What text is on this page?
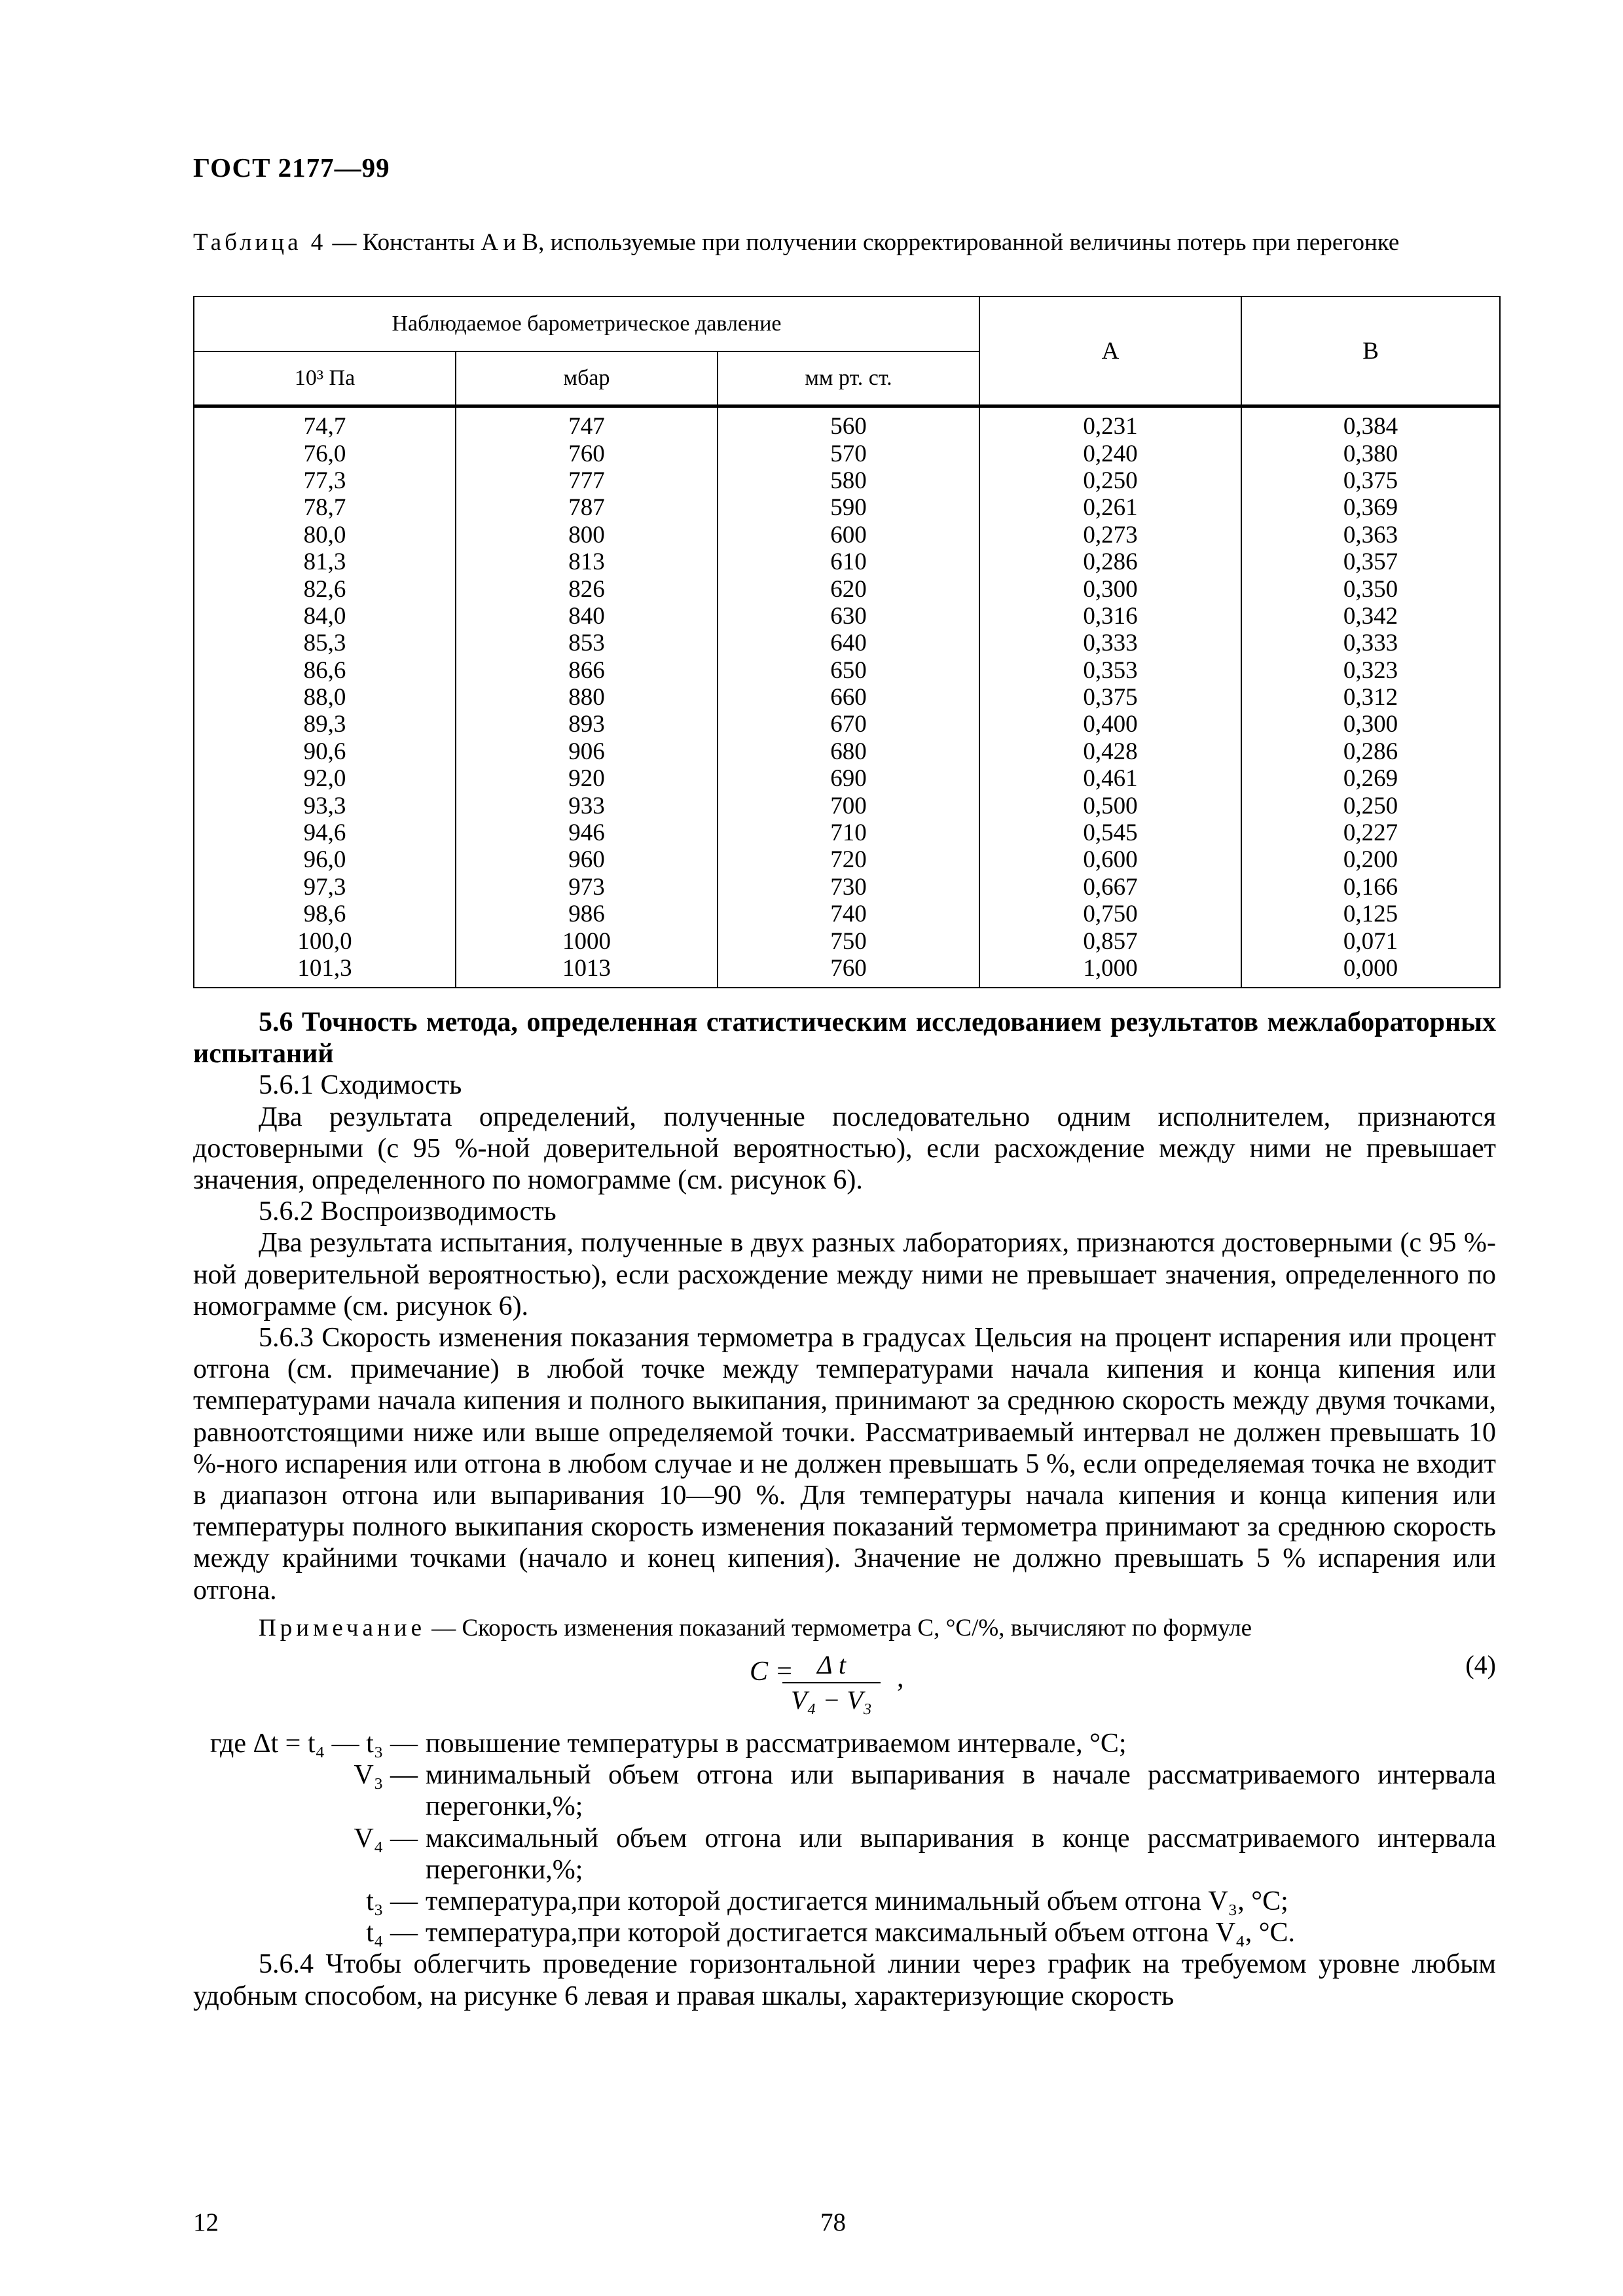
ГОСТ 2177—99
Таблица 4 — Константы A и B, используемые при получении скорректированной величины потерь при перегонке
Наблюдаемое барометрическое давление			A	B
10³ Па	мбар	мм рт. ст.		
74,7	747	560	0,231	0,384
76,0	760	570	0,240	0,380
77,3	777	580	0,250	0,375
78,7	787	590	0,261	0,369
80,0	800	600	0,273	0,363
81,3	813	610	0,286	0,357
82,6	826	620	0,300	0,350
84,0	840	630	0,316	0,342
85,3	853	640	0,333	0,333
86,6	866	650	0,353	0,323
88,0	880	660	0,375	0,312
89,3	893	670	0,400	0,300
90,6	906	680	0,428	0,286
92,0	920	690	0,461	0,269
93,3	933	700	0,500	0,250
94,6	946	710	0,545	0,227
96,0	960	720	0,600	0,200
97,3	973	730	0,667	0,166
98,6	986	740	0,750	0,125
100,0	1000	750	0,857	0,071
101,3	1013	760	1,000	0,000

5.6 Точность метода, определенная статистическим исследованием результатов межлабораторных испытаний

5.6.1 Сходимость

Два результата определений, полученные последовательно одним исполнителем, признаются достоверными (с 95 %-ной доверительной вероятностью), если расхождение между ними не превышает значения, определенного по номограмме (см. рисунок 6).

5.6.2 Воспроизводимость

Два результата испытания, полученные в двух разных лабораториях, признаются достоверными (с 95 %-ной доверительной вероятностью), если расхождение между ними не превышает значения, определенного по номограмме (см. рисунок 6).

5.6.3 Скорость изменения показания термометра в градусах Цельсия на процент испарения или процент отгона (см. примечание) в любой точке между температурами начала кипения и конца кипения или температурами начала кипения и полного выкипания, принимают за среднюю скорость между двумя точками, равноотстоящими ниже или выше определяемой точки. Рассматриваемый интервал не должен превышать 10 %-ного испарения или отгона в любом случае и не должен превышать 5 %, если определяемая точка не входит в диапазон отгона или выпаривания 10—90 %. Для температуры начала кипения и конца кипения или температуры полного выкипания скорость изменения показаний термометра принимают за среднюю скорость между крайними точками (начало и конец кипения). Значение не должно превышать 5 % испарения или отгона.

Примечание — Скорость изменения показаний термометра C, °C/%, вычисляют по формуле

C = Δ t
V₄ − V₃
,	(4)
где Δt = t₄ — t₃ — повышение температуры в рассматриваемом интервале, °C;
V₃ — минимальный объем отгона или выпаривания в начале рассматриваемого интервала перегонки,%;
V₄ — максимальный объем отгона или выпаривания в конце рассматриваемого интервала перегонки,%;
t₃ — температура,при которой достигается минимальный объем отгона V₃, °C;
t₄ — температура,при которой достигается максимальный объем отгона V₄, °C.

5.6.4 Чтобы облегчить проведение горизонтальной линии через график на требуемом уровне любым удобным способом, на рисунке 6 левая и правая шкалы, характеризующие скорость

12	78
